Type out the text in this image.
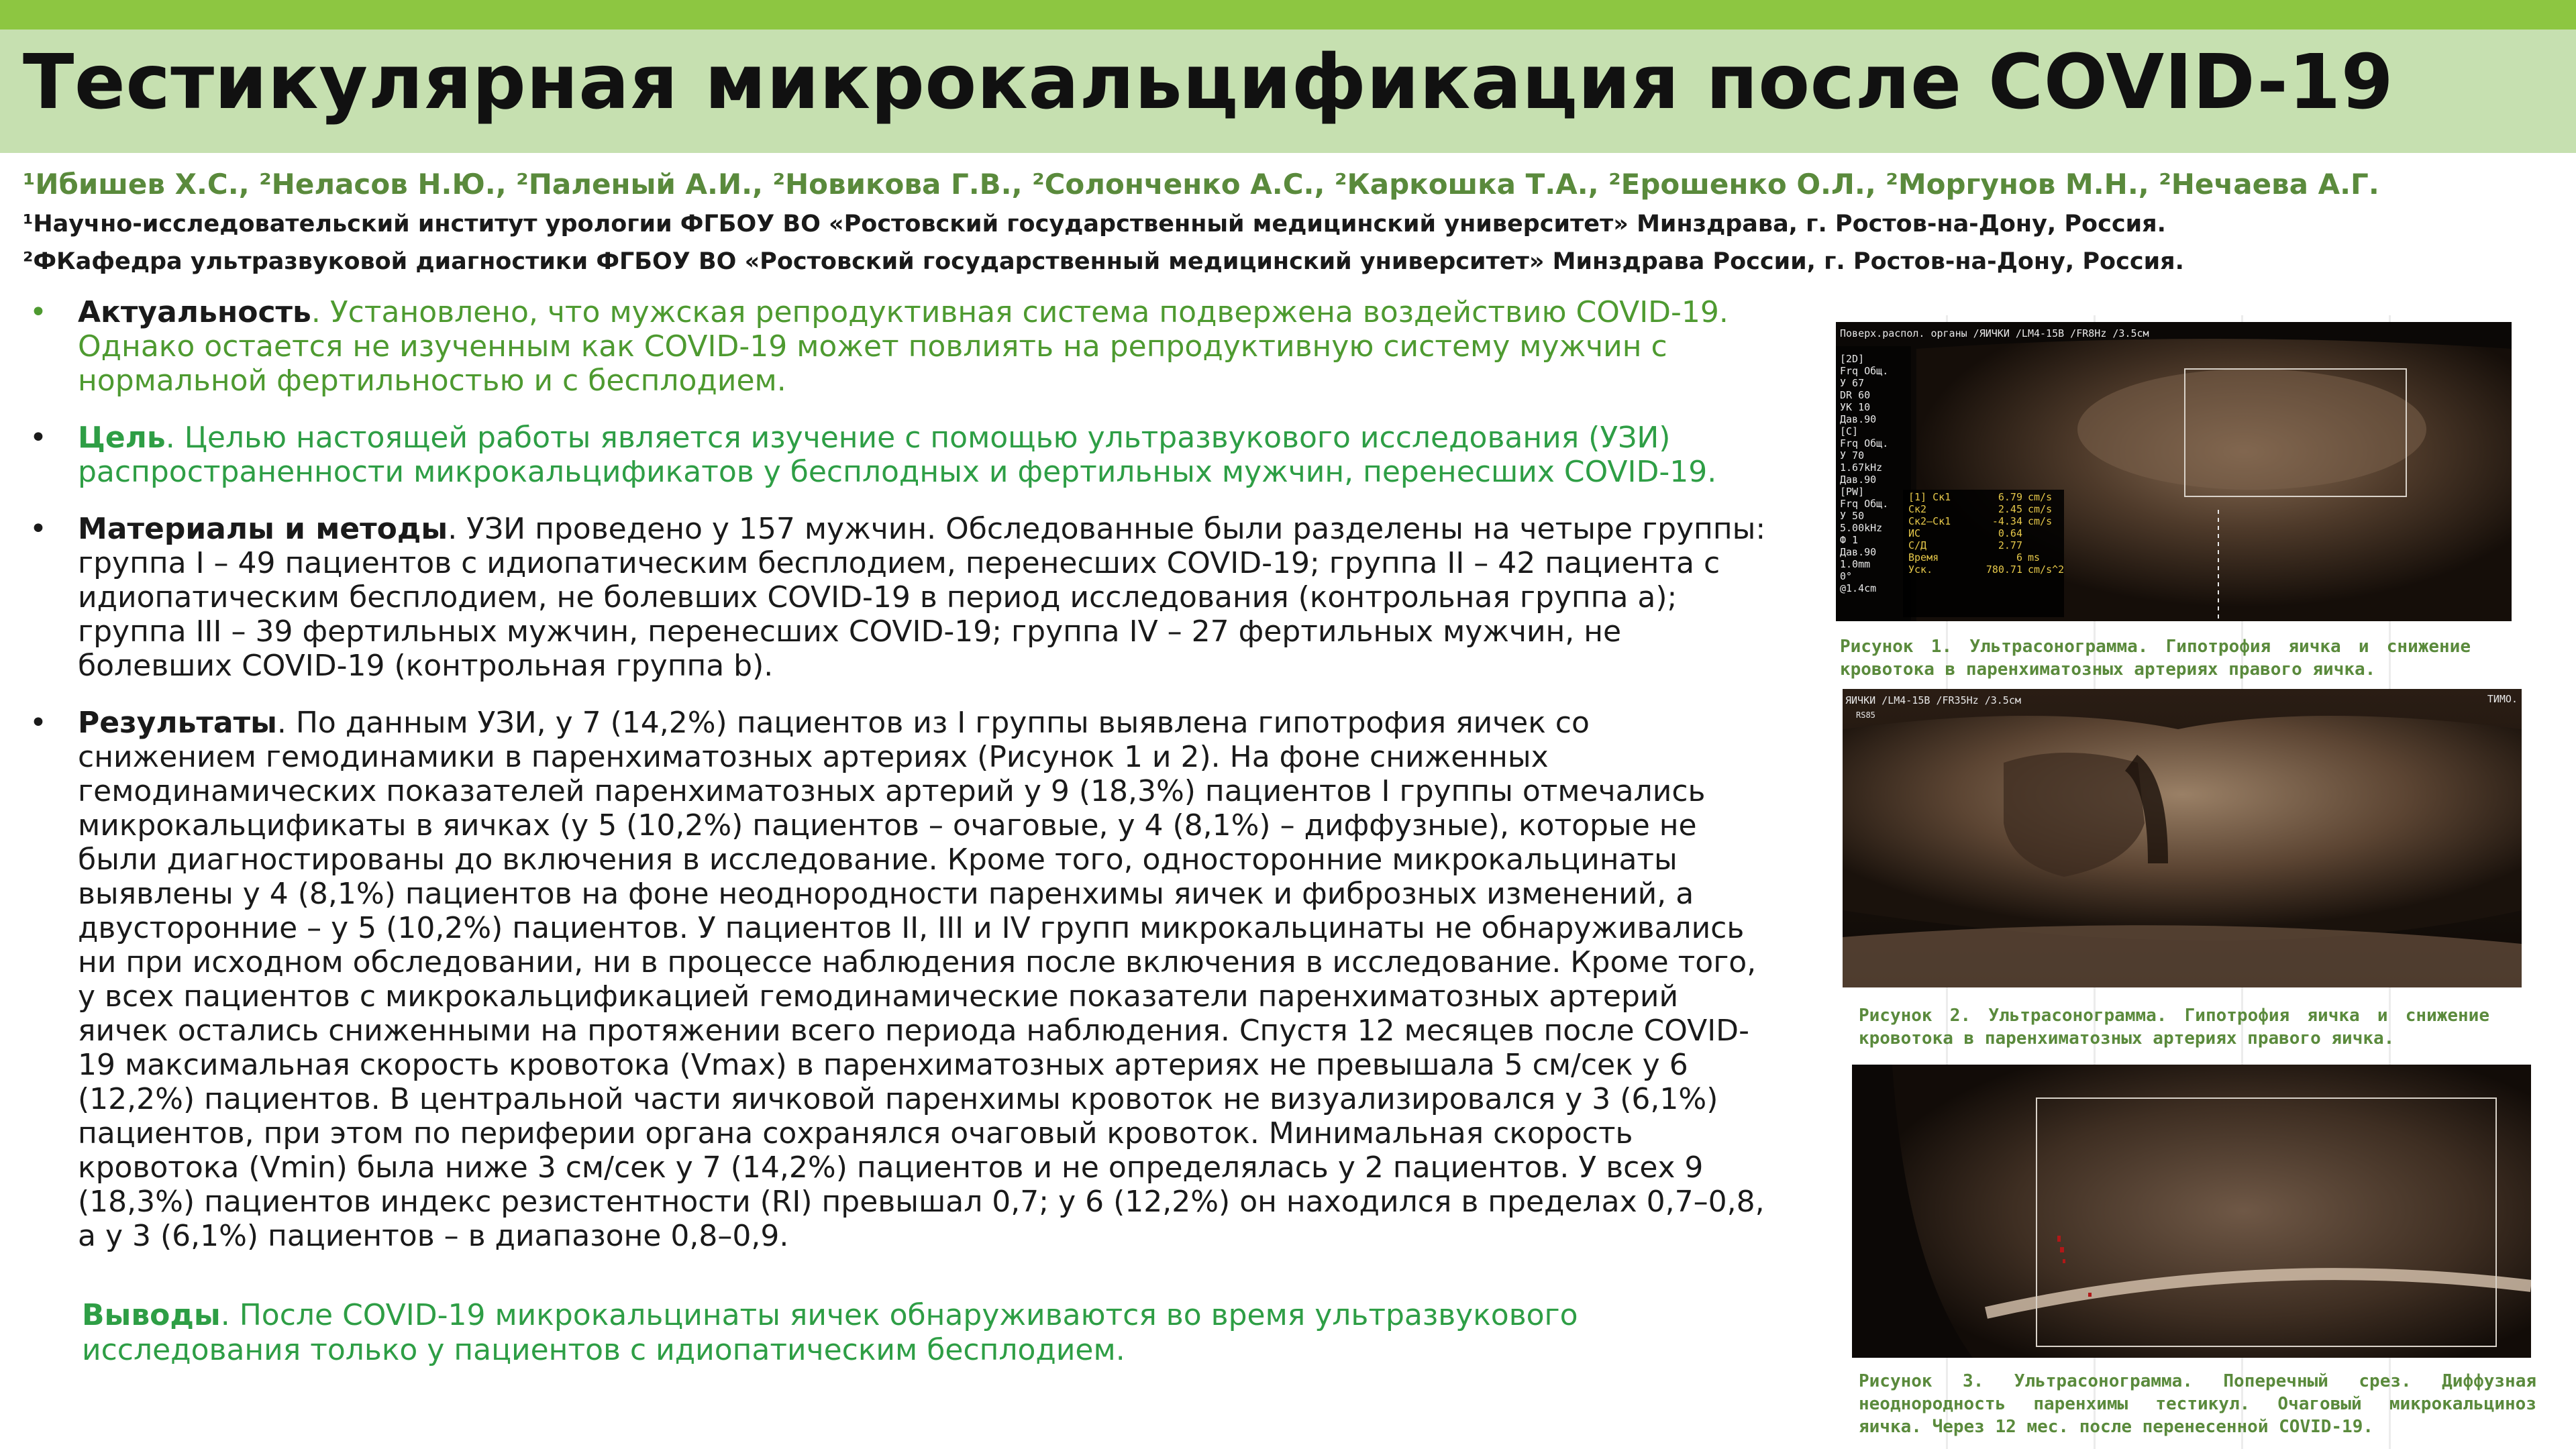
Тестикулярная микрокальцификация после COVID-19
¹Ибишев Х.С., ²Неласов Н.Ю., ²Паленый А.И., ²Новикова Г.В., ²Солонченко А.С., ²Каркошка Т.А., ²Ерошенко О.Л., ²Моргунов М.Н., ²Нечаева А.Г.
¹Научно-исследовательский институт урологии ФГБОУ ВО «Ростовский государственный медицинский университет» Минздрава, г. Ростов-на-Дону, Россия.
²ФКафедра ультразвуковой диагностики ФГБОУ ВО «Ростовский государственный медицинский университет» Минздрава России, г. Ростов-на-Дону, Россия.
• Актуальность. Установлено, что мужская репродуктивная система подвержена воздействию COVID-19. Однако остается не изученным как COVID-19 может повлиять на репродуктивную систему мужчин с нормальной фертильностью и с бесплодием.
• Цель. Целью настоящей работы является изучение с помощью ультразвукового исследования (УЗИ) распространенности микрокальцификатов у бесплодных и фертильных мужчин, перенесших COVID-19.
• Материалы и методы. УЗИ проведено у 157 мужчин. Обследованные были разделены на четыре группы: группа I – 49 пациентов с идиопатическим бесплодием, перенесших COVID-19; группа II – 42 пациента с идиопатическим бесплодием, не болевших COVID-19 в период исследования (контрольная группа a); группа III – 39 фертильных мужчин, перенесших COVID-19; группа IV – 27 фертильных мужчин, не болевших COVID-19 (контрольная группа b).
• Результаты. По данным УЗИ, у 7 (14,2%) пациентов из I группы выявлена гипотрофия яичек со снижением гемодинамики в паренхиматозных артериях (Рисунок 1 и 2). На фоне сниженных гемодинамических показателей паренхиматозных артерий у 9 (18,3%) пациентов I группы отмечались микрокальцификаты в яичках (у 5 (10,2%) пациентов – очаговые, у 4 (8,1%) – диффузные), которые не были диагностированы до включения в исследование. Кроме того, односторонние микрокальцинаты выявлены у 4 (8,1%) пациентов на фоне неоднородности паренхимы яичек и фиброзных изменений, а двусторонние – у 5 (10,2%) пациентов. У пациентов II, III и IV групп микрокальцинаты не обнаруживались ни при исходном обследовании, ни в процессе наблюдения после включения в исследование. Кроме того, у всех пациентов с микрокальцификацией гемодинамические показатели паренхиматозных артерий яичек остались сниженными на протяжении всего периода наблюдения. Спустя 12 месяцев после COVID-19 максимальная скорость кровотока (Vmax) в паренхиматозных артериях не превышала 5 см/сек у 6 (12,2%) пациентов. В центральной части яичковой паренхимы кровоток не визуализировался у 3 (6,1%) пациентов, при этом по периферии органа сохранялся очаговый кровоток. Минимальная скорость кровотока (Vmin) была ниже 3 см/сек у 7 (14,2%) пациентов и не определялась у 2 пациентов. У всех 9 (18,3%) пациентов индекс резистентности (RI) превышал 0,7; у 6 (12,2%) он находился в пределах 0,7–0,8, а у 3 (6,1%) пациентов – в диапазоне 0,8–0,9.
Выводы. После COVID-19 микрокальцинаты яичек обнаруживаются во время ультразвукового исследования только у пациентов с идиопатическим бесплодием.
Поверх.распол. органы /ЯИЧКИ /LM4-15B /FR8Hz /3.5см
[2D]
Frq Общ.
У 67
DR 60
УК 10
Дав.90
[C]
Frq Общ.
У 70
1.67kHz
Дав.90
[PW]
Frq Общ.
У 50
5.00kHz
Ф 1
Дав.90
1.0mm
0°
@1.4cm
[1] Ск1	6.79 cm/s
Ск2	2.45 cm/s
Ск2–Ск1	-4.34 cm/s
ИС	0.64
С/Д	2.77
Время	6 ms
Уск.	780.71 cm/s^2
Рисунок 1. Ультрасонограмма. Гипотрофия яичка и снижение кровотока в паренхиматозных артериях правого яичка.
ЯИЧКИ /LM4-15B /FR35Hz /3.5см
RS85
ТИМО.
Рисунок 2. Ультрасонограмма. Гипотрофия яичка и снижение кровотока в паренхиматозных артериях правого яичка.
Рисунок 3. Ультрасонограмма. Поперечный срез. Диффузная неоднородность паренхимы тестикул. Очаговый микрокальциноз яичка. Через 12 мес. после перенесенной COVID-19.
